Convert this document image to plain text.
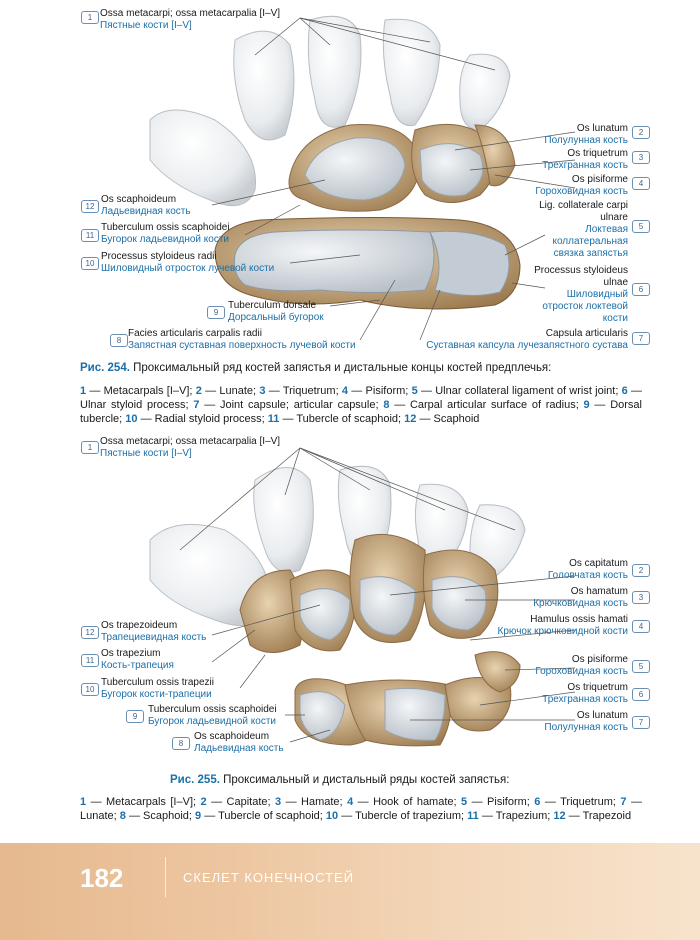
1 Ossa metacarpi; ossa metacarpalia [I–V]
Пястные кости [I–V]
Os lunatum
Полулунная кость
2
Os triquetrum
Трехгранная кость
3
Os pisiforme
Гороховидная кость
4
Lig. collaterale carpi ulnare
Локтевая коллатеральная связка запястья
5
Processus styloideus ulnae
Шиловидный отросток локтевой кости
6
Capsula articularis
Суставная капсула лучезапястного сустава
7
8
Facies articularis carpalis radii
Запястная суставная поверхность лучевой кости
9
Tuberculum dorsale
Дорсальный бугорок
10
Processus styloideus radii
Шиловидный отросток лучевой кости
11
Tuberculum ossis scaphoidei
Бугорок ладьевидной кости
12
Os scaphoideum
Ладьевидная кость
Рис. 254. Проксимальный ряд костей запястья и дистальные концы костей предплечья:
1 — Metacarpals [I–V]; 2 — Lunate; 3 — Triquetrum; 4 — Pisiform; 5 — Ulnar collateral ligament of wrist joint; 6 — Ulnar styloid process; 7 — Joint capsule; articular capsule; 8 — Carpal articular surface of radius; 9 — Dorsal tubercle; 10 — Radial styloid process; 11 — Tubercle of scaphoid; 12 — Scaphoid
1
Ossa metacarpi; ossa metacarpalia [I–V]
Пястные кости [I–V]
Os capitatum
Головчатая кость	2
Os hamatum
Крючковидная кость
3
Hamulus ossis hamati
Крючок крючковидной кости	4
Os pisiforme
Гороховидная кость	5
Os triquetrum
Трехгранная кость	6
Os lunatum
Полулунная кость	7
8
Os scaphoideum
Ладьевидная кость
9
Tuberculum ossis scaphoidei
Бугорок ладьевидной кости
10
Tuberculum ossis trapezii
Бугорок кости-трапеции
11
Os trapezium
Кость-трапеция
12
Os trapezoideum
Трапециевидная кость
Рис. 255. Проксимальный и дистальный ряды костей запястья:
1 — Metacarpals [I–V]; 2 — Capitate; 3 — Hamate; 4 — Hook of hamate; 5 — Pisiform; 6 — Triquetrum; 7 — Lunate; 8 — Scaphoid; 9 — Tubercle of scaphoid; 10 — Tubercle of trapezium; 11 — Trapezium; 12 — Trapezoid
182	СКЕЛЕТ КОНЕЧНОСТЕЙ
